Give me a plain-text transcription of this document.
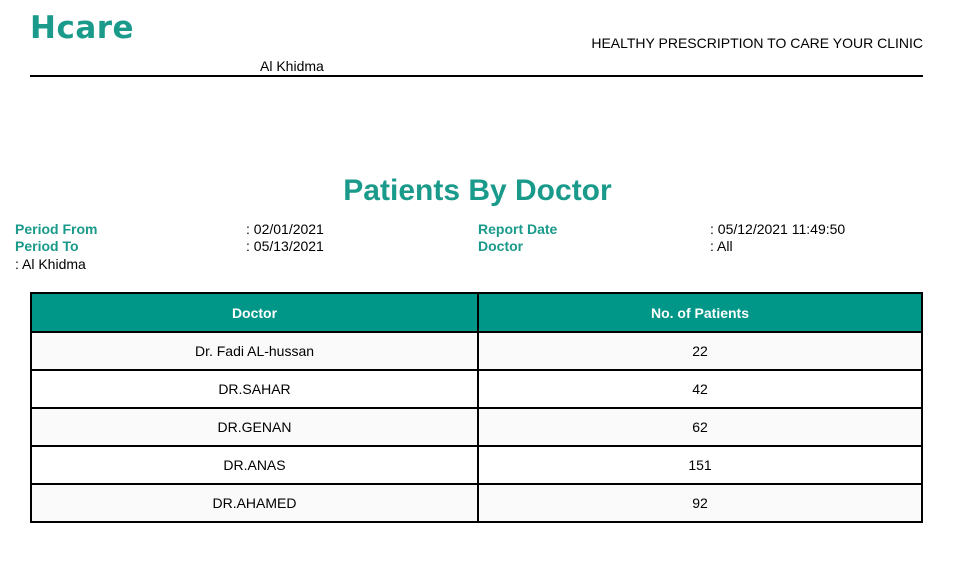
Hcare	HEALTHY PRESCRIPTION TO CARE YOUR CLINIC
Al Khidma
Patients By Doctor
Period From	: 02/01/2021
Period To	: 05/13/2021
: Al Khidma
Report Date	: 05/12/2021 11:49:50
Doctor	: All
Doctor	No. of Patients
Dr. Fadi AL-hussan	22
DR.SAHAR	42
DR.GENAN	62
DR.ANAS	151
DR.AHAMED	92
